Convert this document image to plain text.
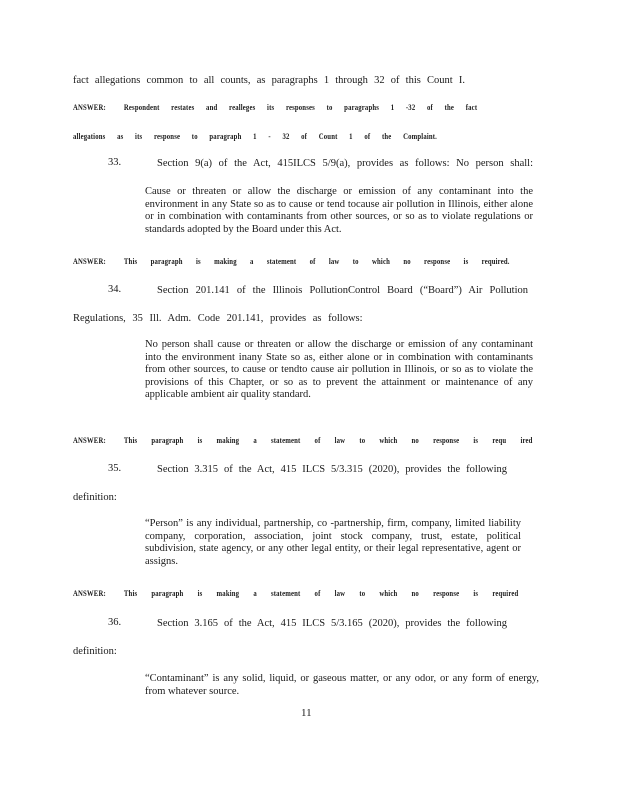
fact allegations common to all counts, as paragraphs 1 through 32 of this Count I.
ANSWER: Respondent restates and realleges its responses to paragraphs 1 -32 of the fact
allegations as its response to paragraph 1 - 32 of Count 1 of the Complaint.
33.	Section 9(a) of the Act, 415ILCS 5/9(a), provides as follows: No person shall:
Cause or threaten or allow the discharge or emission of any contaminant into the environment in any State so as to cause or tend tocause air pollution in Illinois, either alone or in combination with contaminants from other sources, or so as to violate regulations or standards adopted by the Board under this Act.
ANSWER: This paragraph is making a statement of law to which no response is required.
34.	Section 201.141 of the Illinois PollutionControl Board (“Board”) Air Pollution
Regulations, 35 Ill. Adm. Code 201.141, provides as follows:
No person shall cause or threaten or allow the discharge or emission of any contaminant into the environment inany State so as, either alone or in combination with contaminants from other sources, to cause or tendto cause air pollution in Illinois, or so as to violate the provisions of this Chapter, or so as to prevent the attainment or maintenance of any applicable ambient air quality standard.
ANSWER: This paragraph is making a statement of law to which no response is requ ired
35.	Section 3.315 of the Act, 415 ILCS 5/3.315 (2020), provides the following
definition:
“Person” is any individual, partnership, co -partnership, firm, company, limited liability company, corporation, association, joint stock company, trust, estate, political subdivision, state agency, or any other legal entity, or their legal representative, agent or assigns.
ANSWER: This paragraph is making a statement of law to which no response is required
36.	Section 3.165 of the Act, 415 ILCS 5/3.165 (2020), provides the following
definition:
“Contaminant” is any solid, liquid, or gaseous matter, or any odor, or any form of energy, from whatever source.
11
